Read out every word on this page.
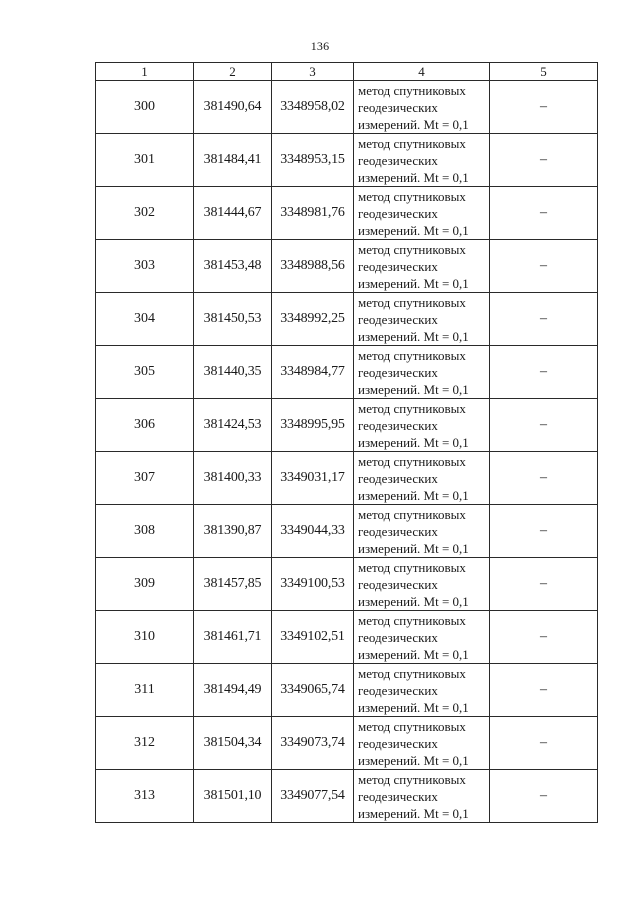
136
1	2	3	4	5
300	381490,64	3348958,02	метод спутниковых
геодезических
измерений. Mt = 0,1	–
301	381484,41	3348953,15	метод спутниковых
геодезических
измерений. Mt = 0,1	–
302	381444,67	3348981,76	метод спутниковых
геодезических
измерений. Mt = 0,1	–
303	381453,48	3348988,56	метод спутниковых
геодезических
измерений. Mt = 0,1	–
304	381450,53	3348992,25	метод спутниковых
геодезических
измерений. Mt = 0,1	–
305	381440,35	3348984,77	метод спутниковых
геодезических
измерений. Mt = 0,1	–
306	381424,53	3348995,95	метод спутниковых
геодезических
измерений. Mt = 0,1	–
307	381400,33	3349031,17	метод спутниковых
геодезических
измерений. Mt = 0,1	–
308	381390,87	3349044,33	метод спутниковых
геодезических
измерений. Mt = 0,1	–
309	381457,85	3349100,53	метод спутниковых
геодезических
измерений. Mt = 0,1	–
310	381461,71	3349102,51	метод спутниковых
геодезических
измерений. Mt = 0,1	–
311	381494,49	3349065,74	метод спутниковых
геодезических
измерений. Mt = 0,1	–
312	381504,34	3349073,74	метод спутниковых
геодезических
измерений. Mt = 0,1	–
313	381501,10	3349077,54	метод спутниковых
геодезических
измерений. Mt = 0,1	–
